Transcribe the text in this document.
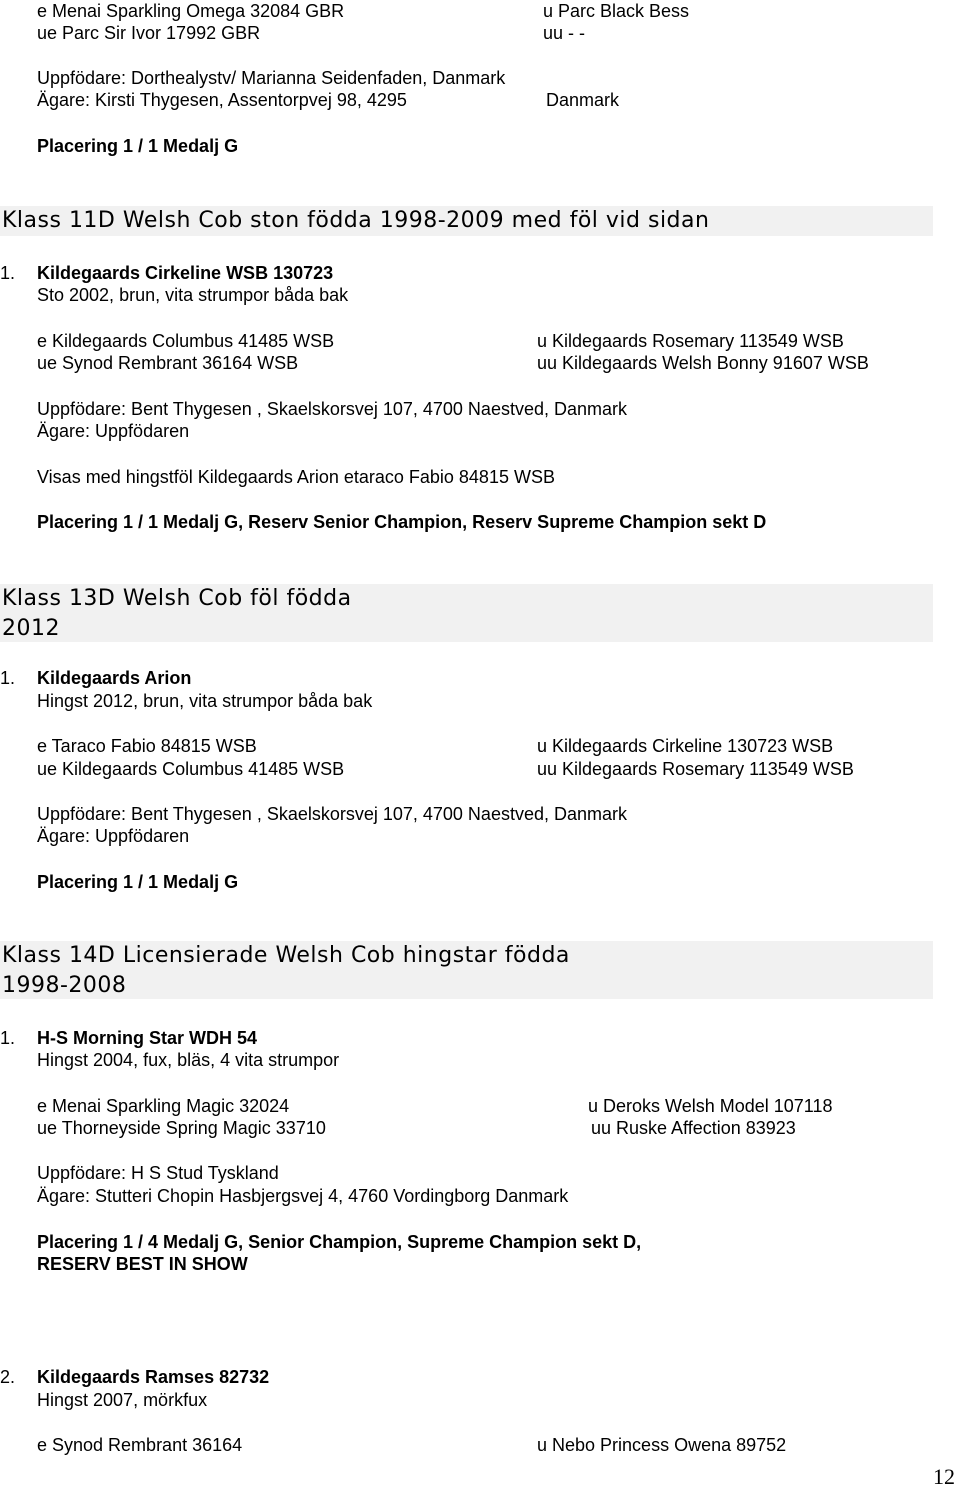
e Menai Sparkling Omega 32084 GBR	u Parc Black Bess
ue Parc Sir Ivor 17992 GBR	uu - -
Uppfödare: Dorthealystv/ Marianna Seidenfaden, Danmark
Ägare: Kirsti Thygesen, Assentorpvej 98, 4295	Danmark
Placering 1 / 1 Medalj G
Klass 11D Welsh Cob ston födda 1998-2009 med föl vid sidan
1. Kildegaards Cirkeline WSB 130723
Sto 2002, brun, vita strumpor båda bak
e Kildegaards Columbus 41485 WSB	u Kildegaards Rosemary 113549 WSB
ue Synod Rembrant 36164 WSB	uu Kildegaards Welsh Bonny 91607 WSB
Uppfödare: Bent Thygesen , Skaelskorsvej 107, 4700 Naestved, Danmark
Ägare: Uppfödaren
Visas med hingstföl Kildegaards Arion etaraco Fabio 84815 WSB
Placering 1 / 1 Medalj G, Reserv Senior Champion, Reserv Supreme Champion sekt D
Klass 13D Welsh Cob föl födda
2012
1. Kildegaards Arion
Hingst 2012, brun, vita strumpor båda bak
e Taraco Fabio 84815 WSB	u Kildegaards Cirkeline 130723 WSB
ue Kildegaards Columbus 41485 WSB	uu Kildegaards Rosemary 113549 WSB
Uppfödare: Bent Thygesen , Skaelskorsvej 107, 4700 Naestved, Danmark
Ägare: Uppfödaren
Placering 1 / 1 Medalj G
Klass 14D Licensierade Welsh Cob hingstar födda
1998-2008
1. H-S Morning Star WDH 54
Hingst 2004, fux, bläs, 4 vita strumpor
e Menai Sparkling Magic 32024	u Deroks Welsh Model 107118
ue Thorneyside Spring Magic 33710	uu Ruske Affection 83923
Uppfödare: H S Stud Tyskland
Ägare: Stutteri Chopin Hasbjergsvej 4, 4760 Vordingborg Danmark
Placering 1 / 4 Medalj G, Senior Champion, Supreme Champion sekt D,
RESERV BEST IN SHOW
2. Kildegaards Ramses 82732
Hingst 2007, mörkfux
e Synod Rembrant 36164	u Nebo Princess Owena 89752
12
